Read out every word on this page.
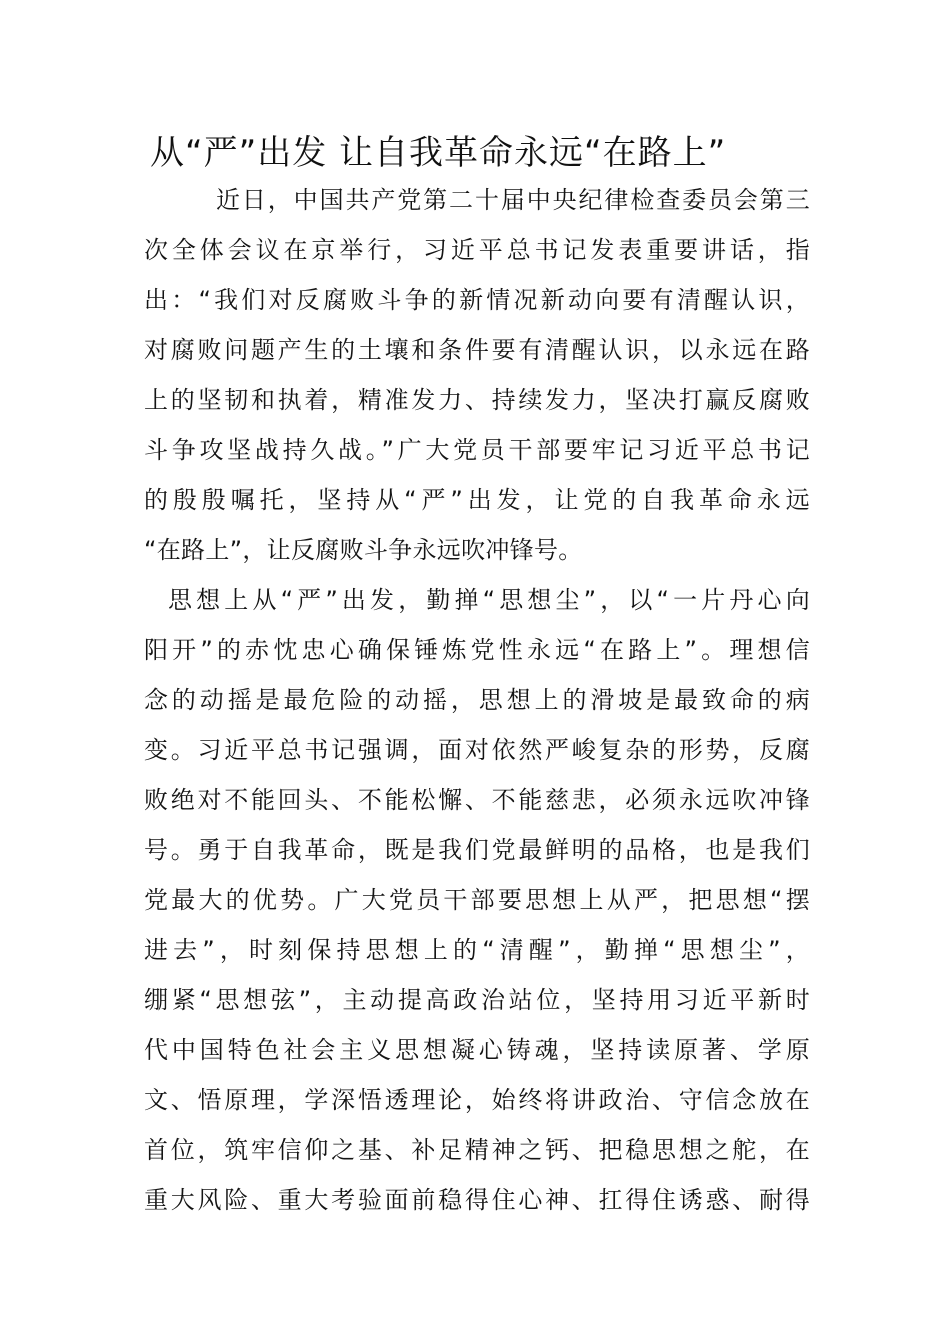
从“严”出发 让自我革命永远“在路上”
近日，中国共产党第二十届中央纪律检查委员会第三
次全体会议在京举行，习近平总书记发表重要讲话，指
出：“我们对反腐败斗争的新情况新动向要有清醒认识，
对腐败问题产生的土壤和条件要有清醒认识，以永远在路
上的坚韧和执着，精准发力、持续发力，坚决打赢反腐败
斗争攻坚战持久战。”广大党员干部要牢记习近平总书记
的殷殷嘱托，坚持从“严”出发，让党的自我革命永远
“在路上”，让反腐败斗争永远吹冲锋号。
思想上从“严”出发，勤掸“思想尘”，以“一片丹心向
阳开”的赤忱忠心确保锤炼党性永远“在路上”。理想信
念的动摇是最危险的动摇，思想上的滑坡是最致命的病
变。习近平总书记强调，面对依然严峻复杂的形势，反腐
败绝对不能回头、不能松懈、不能慈悲，必须永远吹冲锋
号。勇于自我革命，既是我们党最鲜明的品格，也是我们
党最大的优势。广大党员干部要思想上从严，把思想“摆
进去”，时刻保持思想上的“清醒”，勤掸“思想尘”，
绷紧“思想弦”，主动提高政治站位，坚持用习近平新时
代中国特色社会主义思想凝心铸魂，坚持读原著、学原
文、悟原理，学深悟透理论，始终将讲政治、守信念放在
首位，筑牢信仰之基、补足精神之钙、把稳思想之舵，在
重大风险、重大考验面前稳得住心神、扛得住诱惑、耐得
